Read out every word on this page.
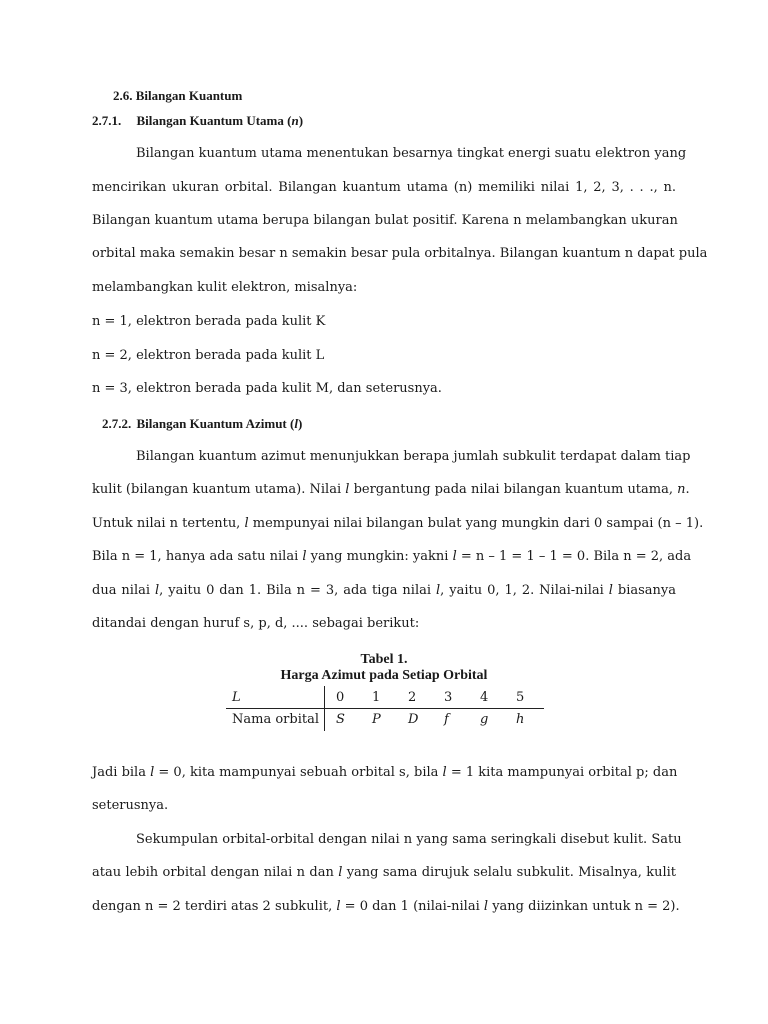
2.6. Bilangan Kuantum
2.7.1. Bilangan Kuantum Utama (n)
Bilangan kuantum utama menentukan besarnya tingkat energi suatu elektron yang
mencirikan ukuran orbital. Bilangan kuantum utama (n) memiliki nilai 1, 2, 3, . . ., n.
Bilangan kuantum utama berupa bilangan bulat positif. Karena n melambangkan ukuran
orbital maka semakin besar n semakin besar pula orbitalnya. Bilangan kuantum n dapat pula
melambangkan kulit elektron, misalnya:
n = 1, elektron berada pada kulit K
n = 2, elektron berada pada kulit L
n = 3, elektron berada pada kulit M, dan seterusnya.
2.7.2. Bilangan Kuantum Azimut (l)
Bilangan kuantum azimut menunjukkan berapa jumlah subkulit terdapat dalam tiap
kulit (bilangan kuantum utama). Nilai l bergantung pada nilai bilangan kuantum utama, n.
Untuk nilai n tertentu, l mempunyai nilai bilangan bulat yang mungkin dari 0 sampai (n – 1).
Bila n = 1, hanya ada satu nilai l yang mungkin: yakni l = n – 1 = 1 – 1 = 0. Bila n = 2, ada
dua nilai l, yaitu 0 dan 1. Bila n = 3, ada tiga nilai l, yaitu 0, 1, 2. Nilai-nilai l biasanya
ditandai dengan huruf s, p, d, .... sebagai berikut:
Tabel 1.
Harga Azimut pada Setiap Orbital
L	0	1	2	3	4	5
Nama orbital	S	P	D	f	g	h
Jadi bila l = 0, kita mampunyai sebuah orbital s, bila l = 1 kita mampunyai orbital p; dan
seterusnya.
Sekumpulan orbital-orbital dengan nilai n yang sama seringkali disebut kulit. Satu
atau lebih orbital dengan nilai n dan l yang sama dirujuk selalu subkulit. Misalnya, kulit
dengan n = 2 terdiri atas 2 subkulit, l = 0 dan 1 (nilai-nilai l yang diizinkan untuk n = 2).
